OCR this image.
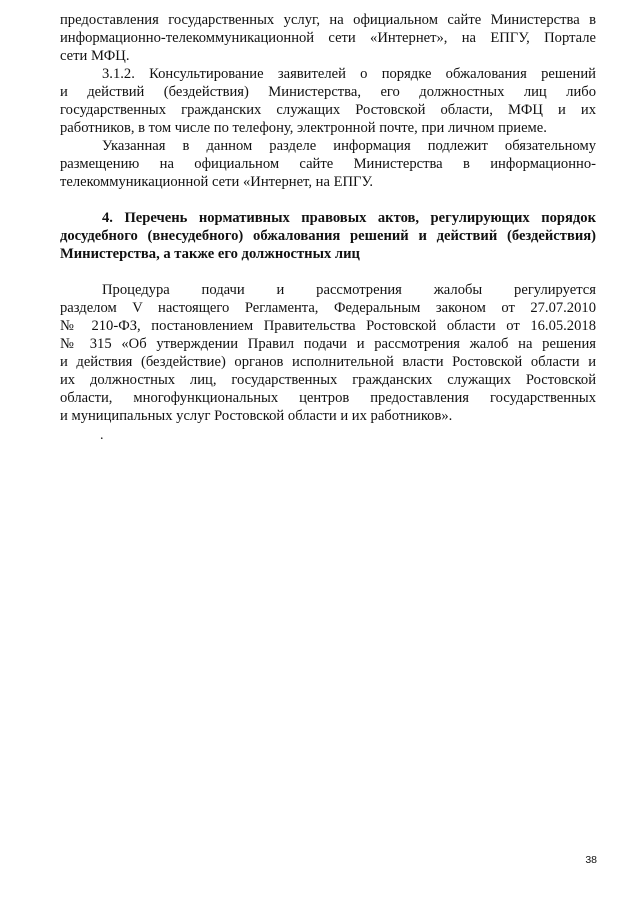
предоставления государственных услуг, на официальном сайте Министерства в
информационно-телекоммуникационной сети «Интернет», на ЕПГУ, Портале
сети МФЦ.
3.1.2. Консультирование заявителей о порядке обжалования решений
и действий (бездействия) Министерства, его должностных лиц либо
государственных гражданских служащих Ростовской области, МФЦ и их
работников, в том числе по телефону, электронной почте, при личном приеме.
Указанная в данном разделе информация подлежит обязательному
размещению на официальном сайте Министерства в информационно-
телекоммуникационной сети «Интернет, на ЕПГУ.
4. Перечень нормативных правовых актов, регулирующих порядок
досудебного (внесудебного) обжалования решений и действий (бездействия)
Министерства, а также его должностных лиц
Процедура подачи и рассмотрения жалобы регулируется
разделом V настоящего Регламента, Федеральным законом от 27.07.2010
№ 210-ФЗ, постановлением Правительства Ростовской области от 16.05.2018
№ 315 «Об утверждении Правил подачи и рассмотрения жалоб на решения
и действия (бездействие) органов исполнительной власти Ростовской области и
их должностных лиц, государственных гражданских служащих Ростовской
области, многофункциональных центров предоставления государственных
и муниципальных услуг Ростовской области и их работников».
.
38
